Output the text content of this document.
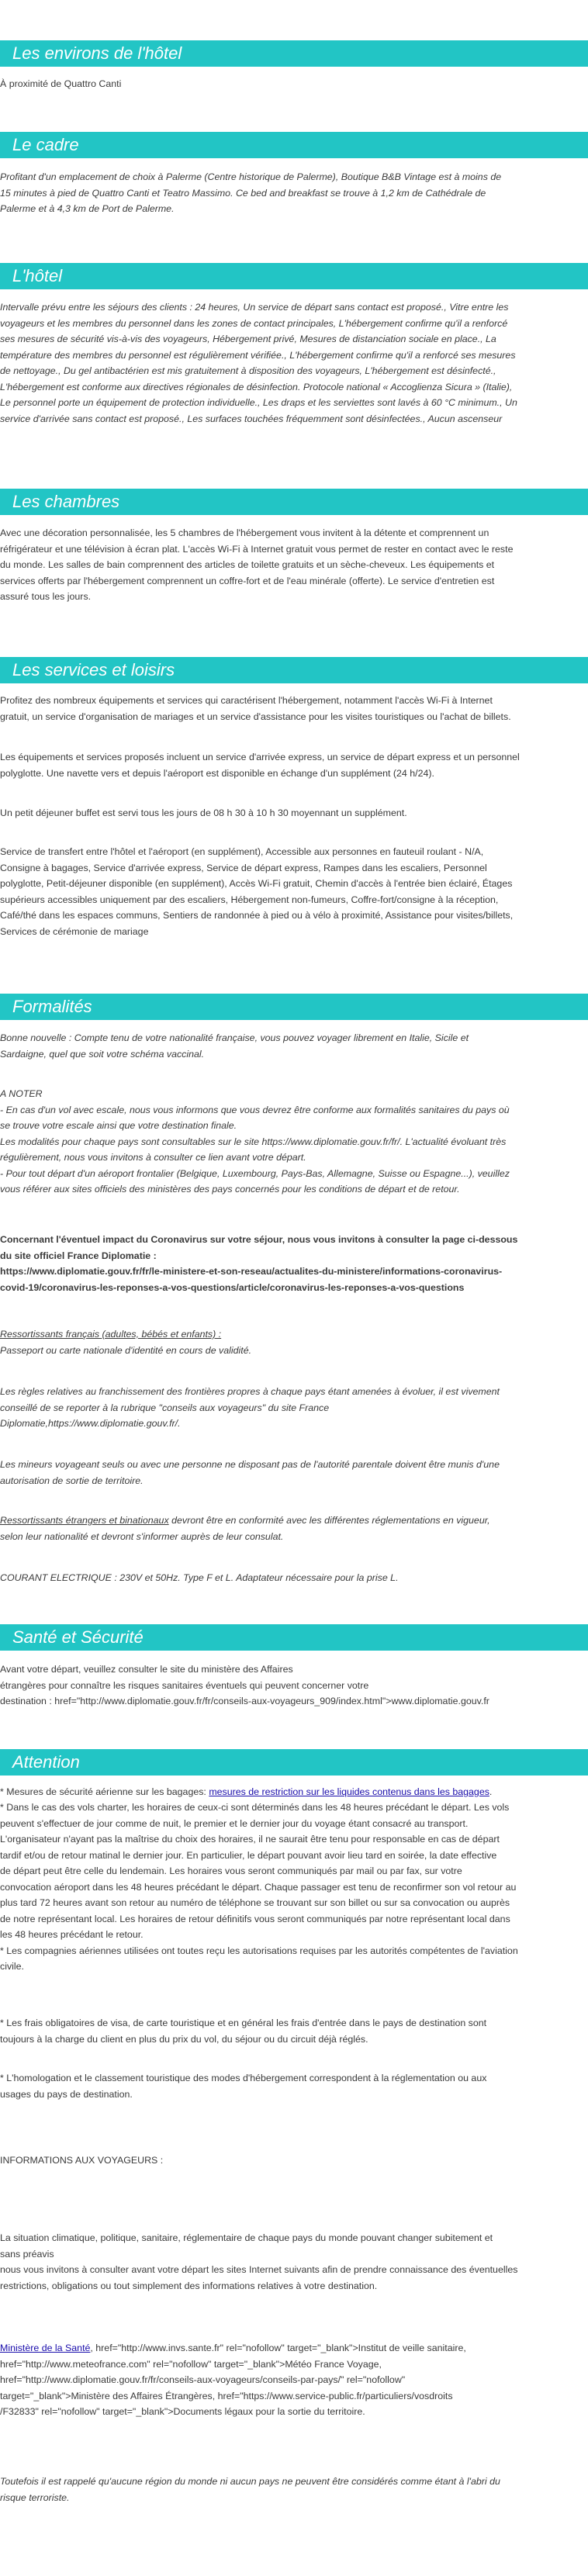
Les environs de l'hôtel

À proximité de Quattro Canti

Le cadre

Profitant d'un emplacement de choix à Palerme (Centre historique de Palerme), Boutique B&B Vintage est à moins de
15 minutes à pied de Quattro Canti et Teatro Massimo. Ce bed and breakfast se trouve à 1,2 km de Cathédrale de
Palerme et à 4,3 km de Port de Palerme.

L'hôtel

Intervalle prévu entre les séjours des clients : 24 heures, Un service de départ sans contact est proposé., Vitre entre les
voyageurs et les membres du personnel dans les zones de contact principales, L'hébergement confirme qu'il a renforcé
ses mesures de sécurité vis-à-vis des voyageurs, Hébergement privé, Mesures de distanciation sociale en place., La
température des membres du personnel est régulièrement vérifiée., L'hébergement confirme qu'il a renforcé ses mesures
de nettoyage., Du gel antibactérien est mis gratuitement à disposition des voyageurs, L'hébergement est désinfecté.,
L'hébergement est conforme aux directives régionales de désinfection. Protocole national « Accoglienza Sicura » (Italie),
Le personnel porte un équipement de protection individuelle., Les draps et les serviettes sont lavés à 60 °C minimum., Un
service d'arrivée sans contact est proposé., Les surfaces touchées fréquemment sont désinfectées., Aucun ascenseur

Les chambres

Avec une décoration personnalisée, les 5 chambres de l'hébergement vous invitent à la détente et comprennent un
réfrigérateur et une télévision à écran plat. L'accès Wi-Fi à Internet gratuit vous permet de rester en contact avec le reste
du monde. Les salles de bain comprennent des articles de toilette gratuits et un sèche-cheveux. Les équipements et
services offerts par l'hébergement comprennent un coffre-fort et de l'eau minérale (offerte). Le service d'entretien est
assuré tous les jours.

Les services et loisirs

Profitez des nombreux équipements et services qui caractérisent l'hébergement, notamment l'accès Wi-Fi à Internet
gratuit, un service d'organisation de mariages et un service d'assistance pour les visites touristiques ou l'achat de billets.

Les équipements et services proposés incluent un service d'arrivée express, un service de départ express et un personnel
polyglotte. Une navette vers et depuis l'aéroport est disponible en échange d'un supplément (24 h/24).

Un petit déjeuner buffet est servi tous les jours de 08 h 30 à 10 h 30 moyennant un supplément.

Service de transfert entre l'hôtel et l'aéroport (en supplément), Accessible aux personnes en fauteuil roulant - N/A,
Consigne à bagages, Service d'arrivée express, Service de départ express, Rampes dans les escaliers, Personnel
polyglotte, Petit-déjeuner disponible (en supplément), Accès Wi-Fi gratuit, Chemin d'accès à l'entrée bien éclairé, Étages
supérieurs accessibles uniquement par des escaliers, Hébergement non-fumeurs, Coffre-fort/consigne à la réception,
Café/thé dans les espaces communs, Sentiers de randonnée à pied ou à vélo à proximité, Assistance pour visites/billets,
Services de cérémonie de mariage

Formalités

Bonne nouvelle : Compte tenu de votre nationalité française, vous pouvez voyager librement en Italie, Sicile et
Sardaigne, quel que soit votre schéma vaccinal.

A NOTER
- En cas d'un vol avec escale, nous vous informons que vous devrez être conforme aux formalités sanitaires du pays où
se trouve votre escale ainsi que votre destination finale.
Les modalités pour chaque pays sont consultables sur le site https://www.diplomatie.gouv.fr/fr/. L'actualité évoluant très
régulièrement, nous vous invitons à consulter ce lien avant votre départ.
- Pour tout départ d'un aéroport frontalier (Belgique, Luxembourg, Pays-Bas, Allemagne, Suisse ou Espagne...), veuillez
vous référer aux sites officiels des ministères des pays concernés pour les conditions de départ et de retour.

Concernant l'éventuel impact du Coronavirus sur votre séjour, nous vous invitons à consulter la page ci-dessous
du site officiel France Diplomatie :
https://www.diplomatie.gouv.fr/fr/le-ministere-et-son-reseau/actualites-du-ministere/informations-coronavirus-
covid-19/coronavirus-les-reponses-a-vos-questions/article/coronavirus-les-reponses-a-vos-questions

Ressortissants français (adultes, bébés et enfants) :

Passeport ou carte nationale d'identité en cours de validité.

Les règles relatives au franchissement des frontières propres à chaque pays étant amenées à évoluer, il est vivement
conseillé de se reporter à la rubrique "conseils aux voyageurs" du site France
Diplomatie,https://www.diplomatie.gouv.fr/.

Les mineurs voyageant seuls ou avec une personne ne disposant pas de l'autorité parentale doivent être munis d'une
autorisation de sortie de territoire.

Ressortissants étrangers et binationaux devront être en conformité avec les différentes réglementations en vigueur,
selon leur nationalité et devront s'informer auprès de leur consulat.

COURANT ELECTRIQUE : 230V et 50Hz. Type F et L. Adaptateur nécessaire pour la prise L.

Santé et Sécurité

Avant votre départ, veuillez consulter le site du ministère des Affaires
étrangères pour connaître les risques sanitaires éventuels qui peuvent concerner votre
destination : href="http://www.diplomatie.gouv.fr/fr/conseils-aux-voyageurs_909/index.html">www.diplomatie.gouv.fr

Attention

* Mesures de sécurité aérienne sur les bagages: mesures de restriction sur les liquides contenus dans les bagages.

* Dans le cas des vols charter, les horaires de ceux-ci sont déterminés dans les 48 heures précédant le départ. Les vols
peuvent s'effectuer de jour comme de nuit, le premier et le dernier jour du voyage étant consacré au transport.
L'organisateur n'ayant pas la maîtrise du choix des horaires, il ne saurait être tenu pour responsable en cas de départ
tardif et/ou de retour matinal le dernier jour. En particulier, le départ pouvant avoir lieu tard en soirée, la date effective
de départ peut être celle du lendemain. Les horaires vous seront communiqués par mail ou par fax, sur votre
convocation aéroport dans les 48 heures précédant le départ. Chaque passager est tenu de reconfirmer son vol retour au
plus tard 72 heures avant son retour au numéro de téléphone se trouvant sur son billet ou sur sa convocation ou auprès
de notre représentant local. Les horaires de retour définitifs vous seront communiqués par notre représentant local dans
les 48 heures précédant le retour.
* Les compagnies aériennes utilisées ont toutes reçu les autorisations requises par les autorités compétentes de l'aviation
civile.

* Les frais obligatoires de visa, de carte touristique et en général les frais d'entrée dans le pays de destination sont
toujours à la charge du client en plus du prix du vol, du séjour ou du circuit déjà réglés.

* L'homologation et le classement touristique des modes d'hébergement correspondent à la réglementation ou aux
usages du pays de destination.

INFORMATIONS AUX VOYAGEURS :

La situation climatique, politique, sanitaire, réglementaire de chaque pays du monde pouvant changer subitement et
sans préavis
nous vous invitons à consulter avant votre départ les sites Internet suivants afin de prendre connaissance des éventuelles
restrictions, obligations ou tout simplement des informations relatives à votre destination.

Ministère de la Santé, href="http://www.invs.sante.fr" rel="nofollow" target="_blank">Institut de veille sanitaire,
href="http://www.meteofrance.com" rel="nofollow" target="_blank">Météo France Voyage,
href="http://www.diplomatie.gouv.fr/fr/conseils-aux-voyageurs/conseils-par-pays/" rel="nofollow"
target="_blank">Ministère des Affaires Étrangères, href="https://www.service-public.fr/particuliers/vosdroits
/F32833" rel="nofollow" target="_blank">Documents légaux pour la sortie du territoire.

Toutefois il est rappelé qu'aucune région du monde ni aucun pays ne peuvent être considérés comme étant à l'abri du
risque terroriste.
